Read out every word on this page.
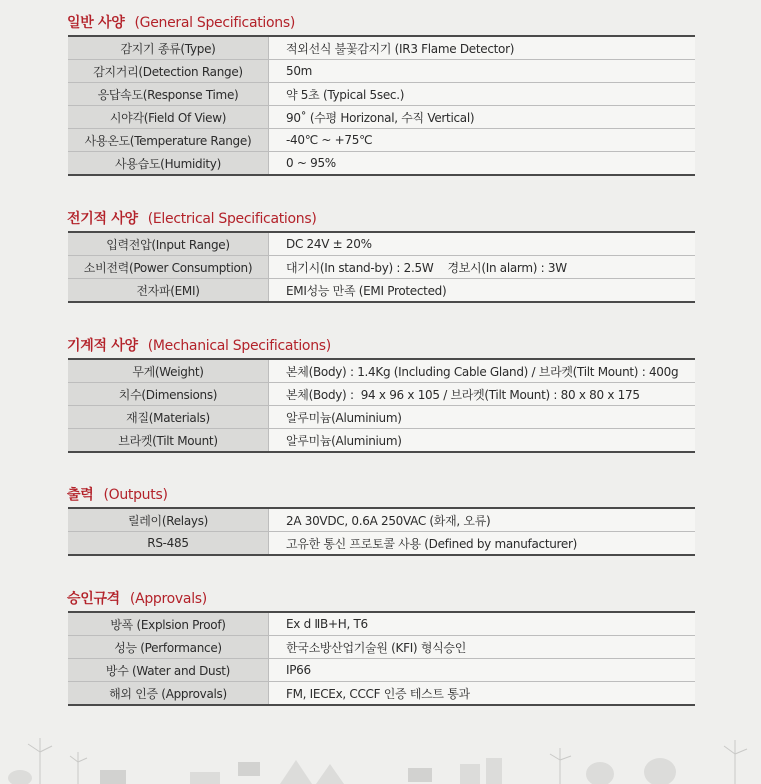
일반 사양 (General Specifications)
감지기 종류(Type)	적외선식 불꽃감지기 (IR3 Flame Detector)
감지거리(Detection Range)	50m
응답속도(Response Time)	약 5초 (Typical 5sec.)
시야각(Field Of View)	90˚ (수평 Horizonal, 수직 Vertical)
사용온도(Temperature Range)	-40℃ ~ +75℃
사용습도(Humidity)	0 ~ 95%
전기적 사양 (Electrical Specifications)
입력전압(Input Range)	DC 24V ± 20%
소비전력(Power Consumption)	대기시(In stand-by) : 2.5W    경보시(In alarm) : 3W
전자파(EMI)	EMI성능 만족 (EMI Protected)
기계적 사양 (Mechanical Specifications)
무게(Weight)	본체(Body) : 1.4Kg (Including Cable Gland) / 브라켓(Tilt Mount) : 400g
치수(Dimensions)	본체(Body) :  94 x 96 x 105 / 브라켓(Tilt Mount) : 80 x 80 x 175
재질(Materials)	알루미늄(Aluminium)
브라켓(Tilt Mount)	알루미늄(Aluminium)
출력 (Outputs)
릴레이(Relays)	2A 30VDC, 0.6A 250VAC (화재, 오류)
RS-485	고유한 통신 프로토콜 사용 (Defined by manufacturer)
승인규격 (Approvals)
방폭 (Explsion Proof)	Ex d ⅡB+H, T6
성능 (Performance)	한국소방산업기술원 (KFI) 형식승인
방수 (Water and Dust)	IP66
해외 인증 (Approvals)	FM, IECEx, CCCF 인증 테스트 통과
